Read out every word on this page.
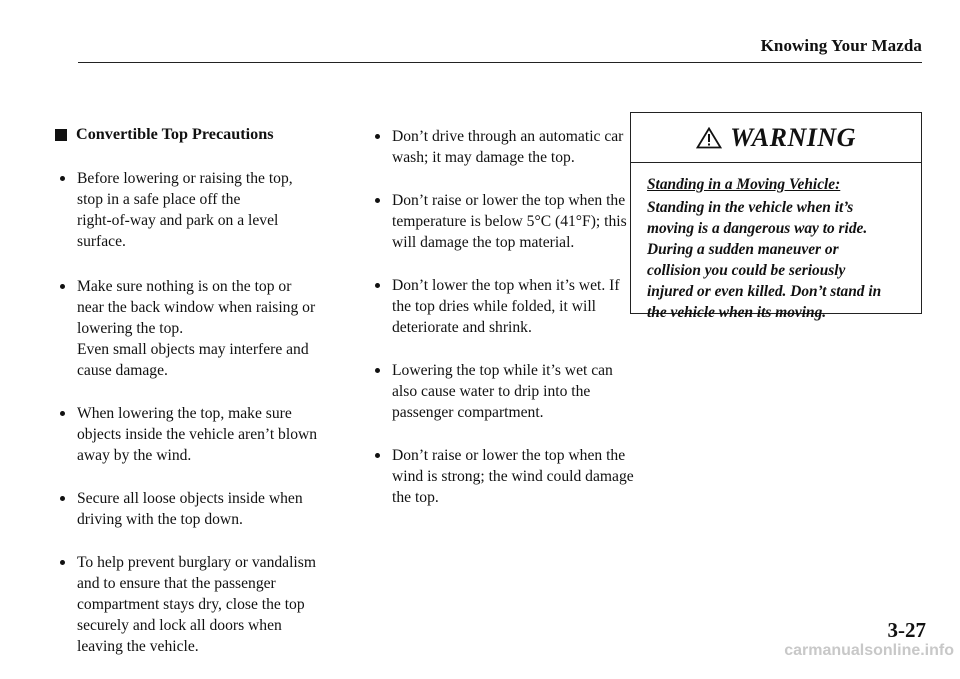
Knowing Your Mazda
Convertible Top Precautions
Before lowering or raising the top,
stop in a safe place off the
right-of-way and park on a level
surface.
Make sure nothing is on the top or
near the back window when raising or
lowering the top.
Even small objects may interfere and
cause damage.
When lowering the top, make sure
objects inside the vehicle aren’t blown
away by the wind.
Secure all loose objects inside when
driving with the top down.
To help prevent burglary or vandalism
and to ensure that the passenger
compartment stays dry, close the top
securely and lock all doors when
leaving the vehicle.
Don’t drive through an automatic car
wash; it may damage the top.
Don’t raise or lower the top when the
temperature is below 5°C (41°F); this
will damage the top material.
Don’t lower the top when it’s wet. If
the top dries while folded, it will
deteriorate and shrink.
Lowering the top while it’s wet can
also cause water to drip into the
passenger compartment.
Don’t raise or lower the top when the
wind is strong; the wind could damage
the top.
WARNING
Standing in a Moving Vehicle:
Standing in the vehicle when it’s
moving is a dangerous way to ride.
During a sudden maneuver or
collision you could be seriously
injured or even killed. Don’t stand in
the vehicle when its moving.
3-27
carmanualsonline.info
